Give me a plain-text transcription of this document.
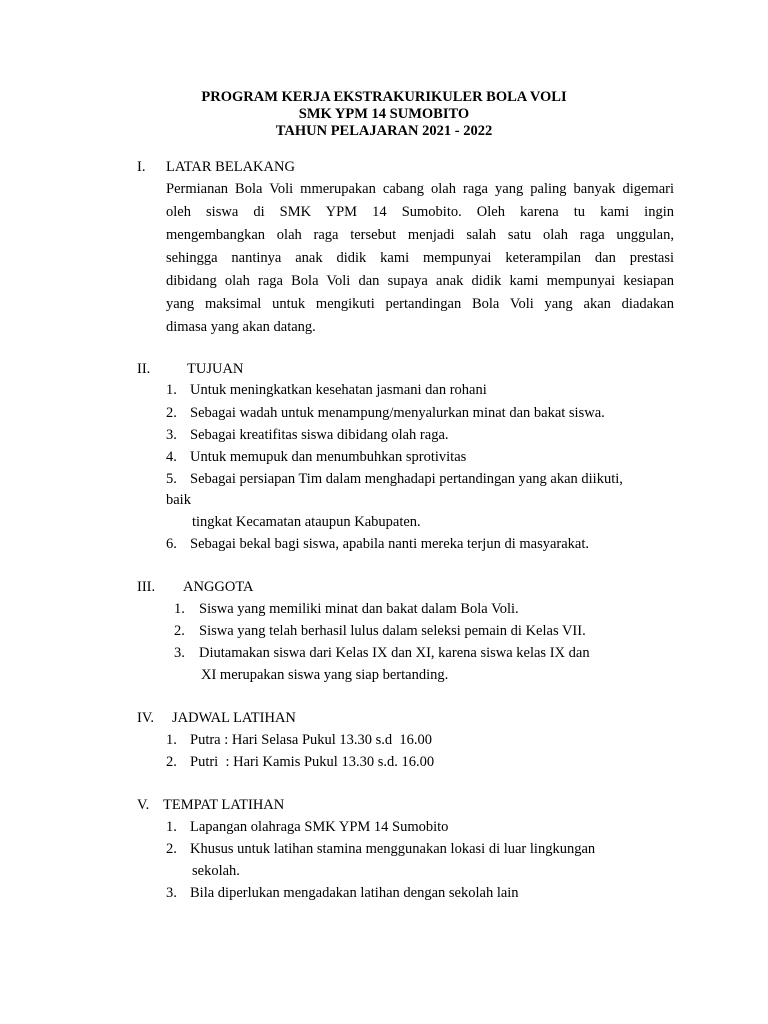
PROGRAM KERJA EKSTRAKURIKULER BOLA VOLI
SMK YPM 14 SUMOBITO
TAHUN PELAJARAN 2021 - 2022
I. LATAR BELAKANG
Permianan Bola Voli mmerupakan cabang olah raga yang paling banyak digemari
oleh siswa di SMK YPM 14 Sumobito. Oleh karena tu kami ingin
mengembangkan olah raga tersebut menjadi salah satu olah raga unggulan,
sehingga nantinya anak didik kami mempunyai keterampilan dan prestasi
dibidang olah raga Bola Voli dan supaya anak didik kami mempunyai kesiapan
yang maksimal untuk mengikuti pertandingan Bola Voli yang akan diadakan
dimasa yang akan datang.
II.	TUJUAN
1. Untuk meningkatkan kesehatan jasmani dan rohani
2. Sebagai wadah untuk menampung/menyalurkan minat dan bakat siswa.
3. Sebagai kreatifitas siswa dibidang olah raga.
4. Untuk memupuk dan menumbuhkan sprotivitas
5. Sebagai persiapan Tim dalam menghadapi pertandingan yang akan diikuti,
baik
tingkat Kecamatan ataupun Kabupaten.
6. Sebagai bekal bagi siswa, apabila nanti mereka terjun di masyarakat.
III. ANGGOTA
1. Siswa yang memiliki minat dan bakat dalam Bola Voli.
2. Siswa yang telah berhasil lulus dalam seleksi pemain di Kelas VII.
3. Diutamakan siswa dari Kelas IX dan XI, karena siswa kelas IX dan
XI merupakan siswa yang siap bertanding.
IV. JADWAL LATIHAN
1. Putra : Hari Selasa Pukul 13.30 s.d  16.00
2. Putri  : Hari Kamis Pukul 13.30 s.d. 16.00
V. TEMPAT LATIHAN
1. Lapangan olahraga SMK YPM 14 Sumobito
2. Khusus untuk latihan stamina menggunakan lokasi di luar lingkungan
sekolah.
3. Bila diperlukan mengadakan latihan dengan sekolah lain
